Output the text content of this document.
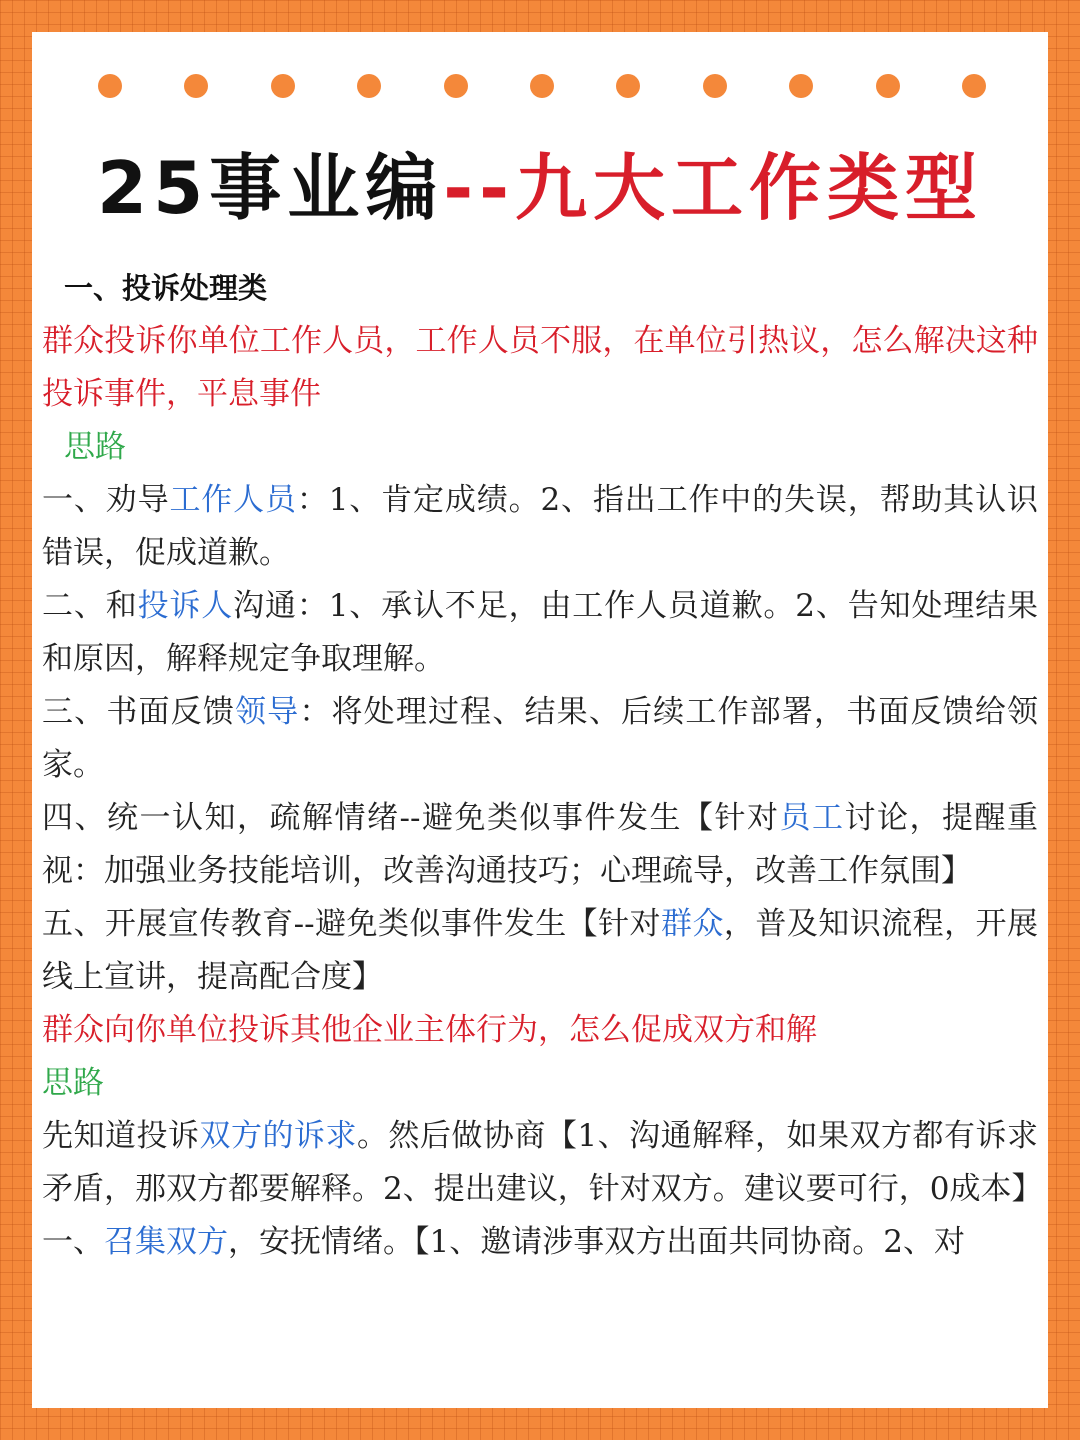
25事业编--九大工作类型

一、投诉处理类

群众投诉你单位工作人员，工作人员不服，在单位引热议，怎么解决这种投诉事件，平息事件

思路

一、劝导工作人员：1、肯定成绩。2、指出工作中的失误，帮助其认识错误，促成道歉。

二、和投诉人沟通：1、承认不足，由工作人员道歉。2、告知处理结果和原因，解释规定争取理解。

三、书面反馈领导：将处理过程、结果、后续工作部署，书面反馈给领家。

四、统一认知，疏解情绪--避免类似事件发生【针对员工讨论，提醒重视：加强业务技能培训，改善沟通技巧；心理疏导，改善工作氛围】

五、开展宣传教育--避免类似事件发生【针对群众，普及知识流程，开展线上宣讲，提高配合度】

群众向你单位投诉其他企业主体行为，怎么促成双方和解

思路

先知道投诉双方的诉求。然后做协商【1、沟通解释，如果双方都有诉求矛盾，那双方都要解释。2、提出建议，针对双方。建议要可行，0成本】

一、召集双方，安抚情绪。【1、邀请涉事双方出面共同协商。2、对
